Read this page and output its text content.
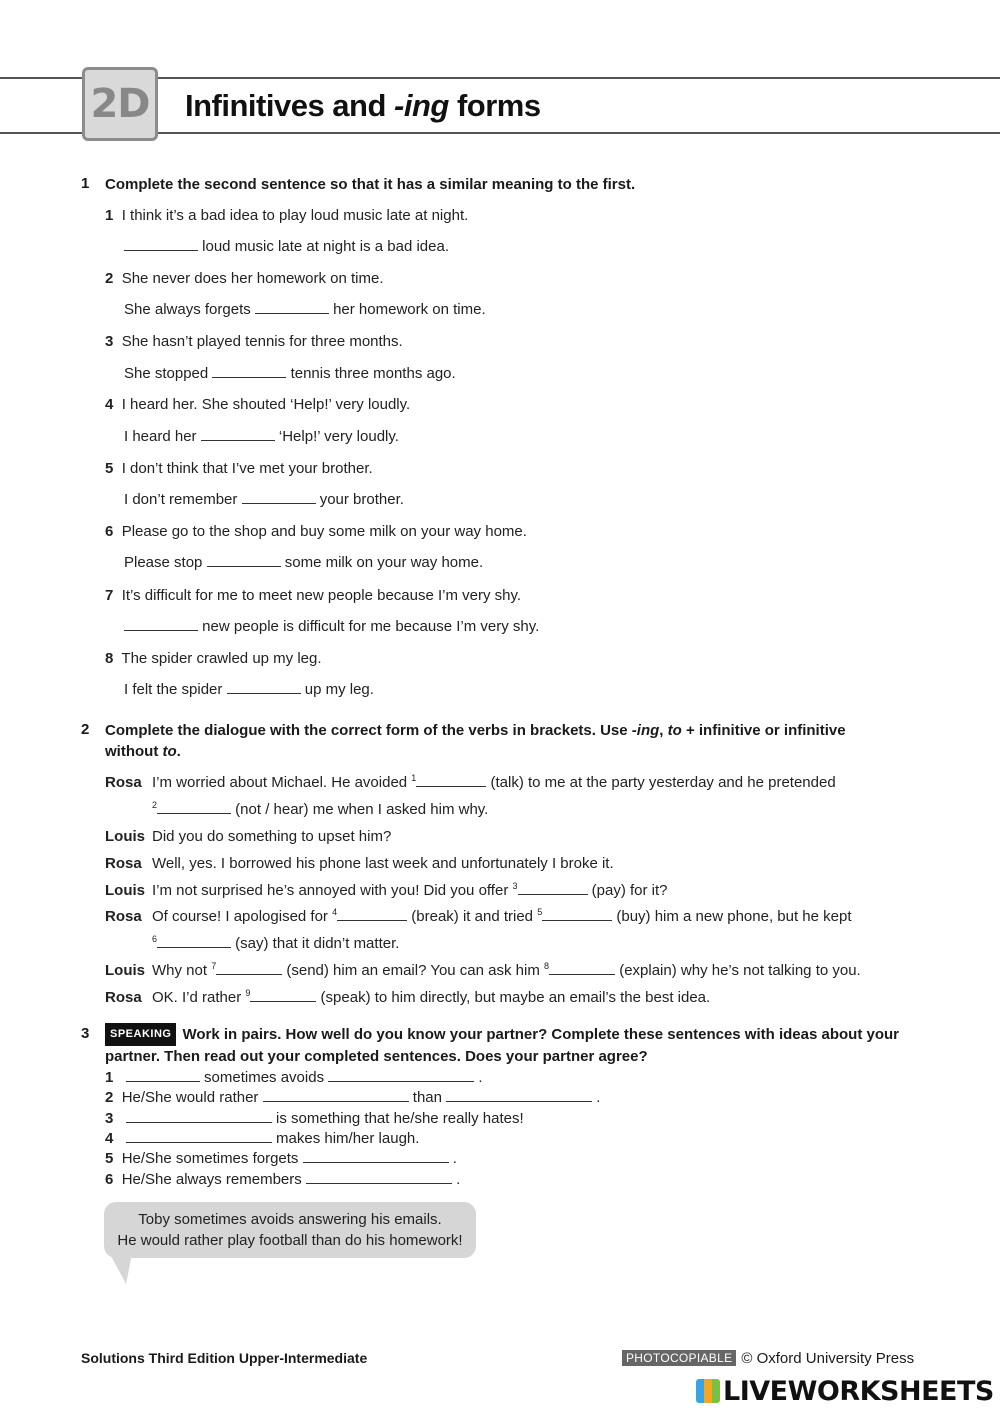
2D Infinitives and -ing forms
1 Complete the second sentence so that it has a similar meaning to the first.
1 I think it’s a bad idea to play loud music late at night.
loud music late at night is a bad idea.
2 She never does her homework on time.
She always forgets	her homework on time.
3 She hasn’t played tennis for three months.
She stopped	tennis three months ago.
4 I heard her. She shouted ‘Help!’ very loudly.
I heard her	‘Help!’ very loudly.
5 I don’t think that I’ve met your brother.
I don’t remember	your brother.
6 Please go to the shop and buy some milk on your way home.
Please stop	some milk on your way home.
7 It’s difficult for me to meet new people because I’m very shy.
new people is difficult for me because I’m very shy.
8 The spider crawled up my leg.
I felt the spider	up my leg.
2 Complete the dialogue with the correct form of the verbs in brackets. Use -ing, to + infinitive or infinitive
without to.
Rosa I’m worried about Michael. He avoided $^1$	(talk) to me at the party yesterday and he pretended
$^2$	(not / hear) me when I asked him why.
Louis Did you do something to upset him?
Rosa Well, yes. I borrowed his phone last week and unfortunately I broke it.
Louis I’m not surprised he’s annoyed with you! Did you offer $^3$	(pay) for it?
Rosa Of course! I apologised for $^4$	(break) it and tried $^5$	(buy) him a new phone, but he kept
$^6$	(say) that it didn’t matter.
Louis Why not $^7$	(send) him an email? You can ask him $^8$	(explain) why he’s not talking to you.
Rosa OK. I’d rather $^9$	(speak) to him directly, but maybe an email’s the best idea.
3	SPEAKING Work in pairs. How well do you know your partner? Complete these sentences with ideas about your
partner. Then read out your completed sentences. Does your partner agree?
1	sometimes avoids	.
2 He/She would rather	than	.
3	is something that he/she really hates!
4	makes him/her laugh.
5 He/She sometimes forgets	.
6 He/She always remembers	.
Toby sometimes avoids answering his emails.
He would rather play football than do his homework!
Solutions Third Edition Upper-Intermediate	PHOTOCOPIABLE © Oxford University Press
LIVEWORKSHEETS
